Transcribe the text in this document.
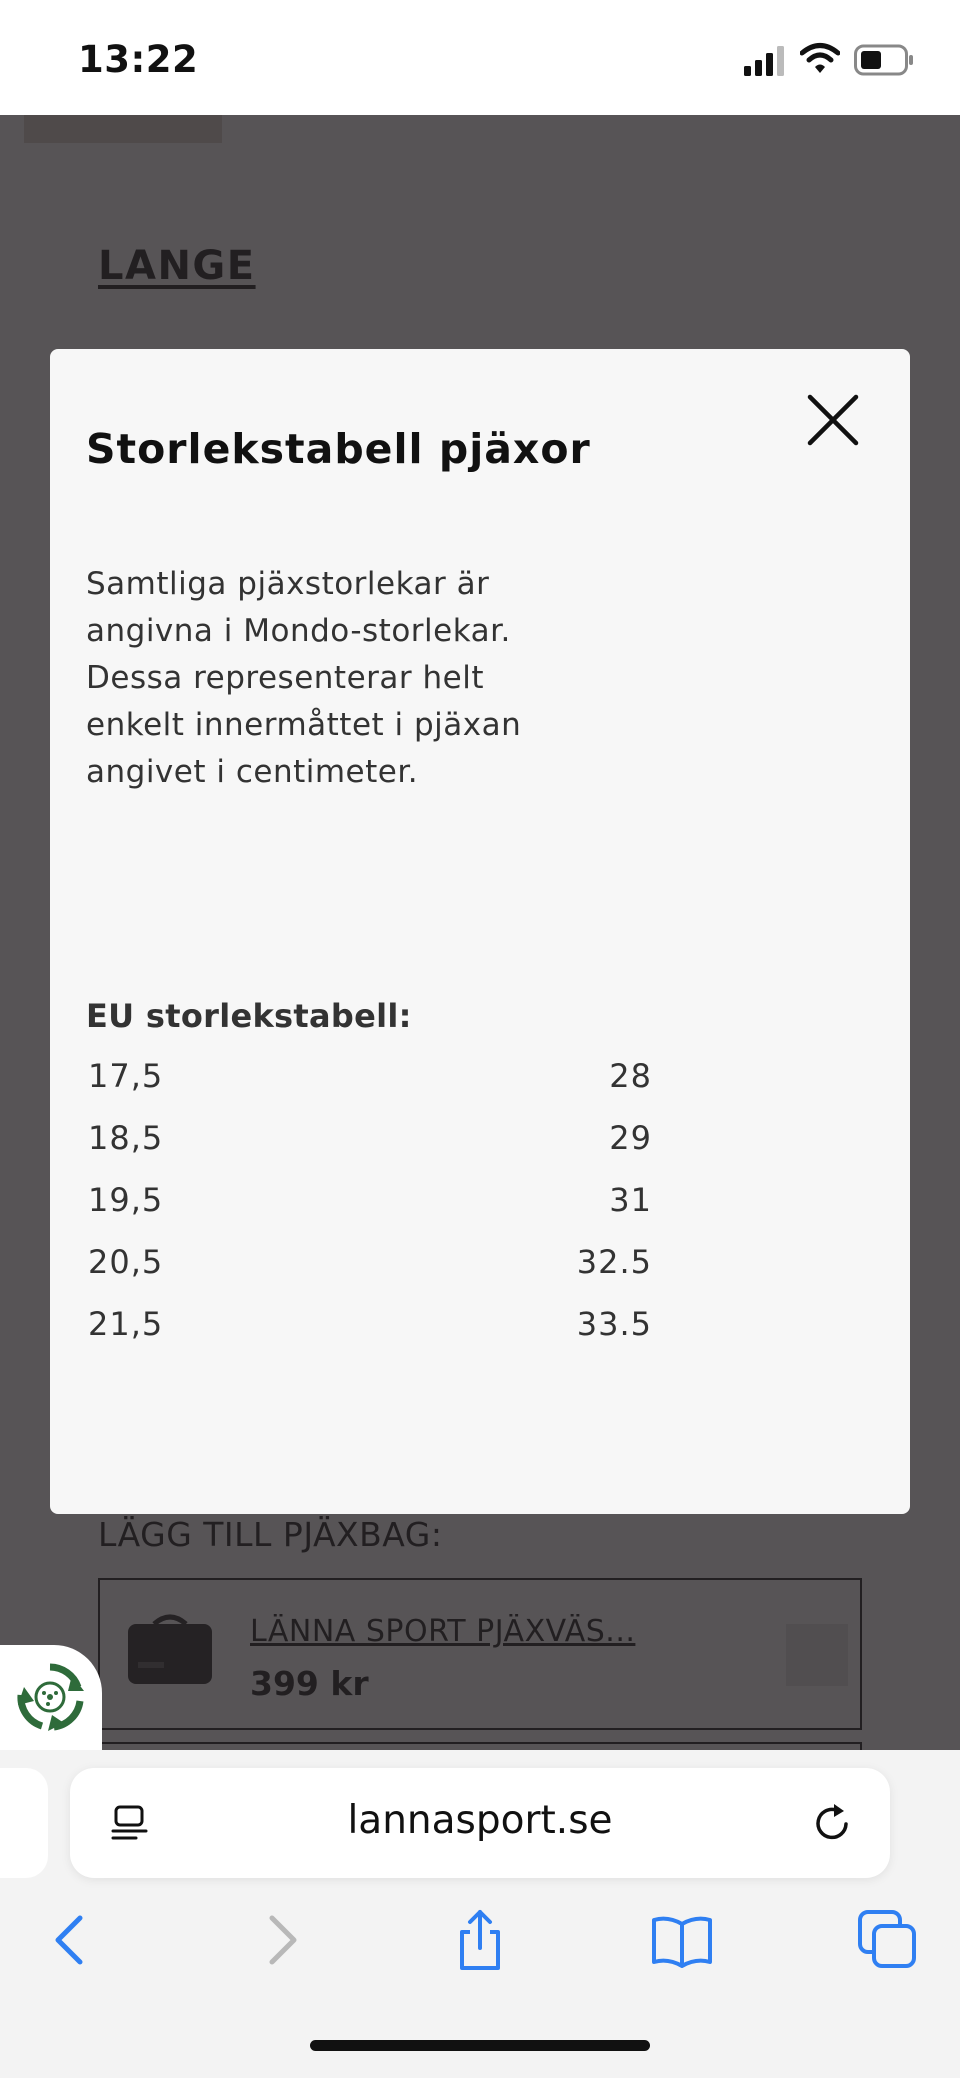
13:22
Storlekstabell pjäxor

Samtliga pjäxstorlekar är angivna i Mondo-storlekar. Dessa representerar helt enkelt innermåttet i pjäxan angivet i centimeter.

EU storlekstabell:
17,5	28
18,5	29
19,5	31
20,5	32.5
21,5	33.5
lannasport.se
